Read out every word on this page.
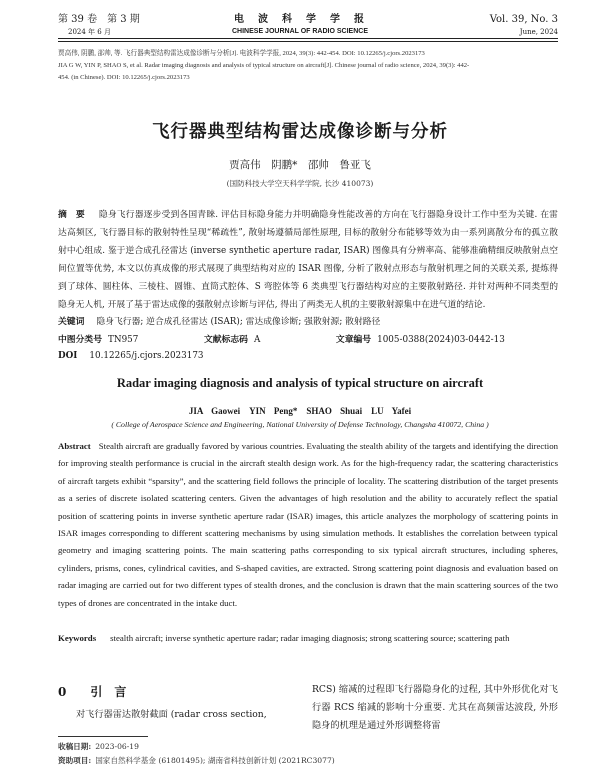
第 39 卷　第 3 期
2024 年 6 月
电　波　科　学　学　报
CHINESE JOURNAL OF RADIO SCIENCE
Vol. 39, No. 3
June, 2024

贾高伟, 阴鹏, 邵帅, 等. 飞行器典型结构雷达成像诊断与分析[J]. 电波科学学报, 2024, 39(3): 442-454. DOI: 10.12265/j.cjors.2023173

JIA G W, YIN P, SHAO S, et al. Radar imaging diagnosis and analysis of typical structure on aircraft[J]. Chinese journal of radio science, 2024, 39(3): 442-

454. (in Chinese). DOI: 10.12265/j.cjors.2023173

飞行器典型结构雷达成像诊断与分析
贾高伟　阴鹏*　邵帅　鲁亚飞
(国防科技大学空天科学学院, 长沙 410073)
摘　要 隐身飞行器逐步受到各国青睐. 评估目标隐身能力并明确隐身性能改善的方向在飞行器隐身设计工作中至为关键. 在雷达高频区, 飞行器目标的散射特性呈现“稀疏性”, 散射场遵循局部性原理, 目标的散射分布能够等效为由一系列离散分布的孤立散射中心组成. 鉴于逆合成孔径雷达 (inverse synthetic aperture radar, ISAR) 图像具有分辨率高、能够准确精细反映散射点空间位置等优势, 本文以仿真成像的形式展现了典型结构对应的 ISAR 图像, 分析了散射点形态与散射机理之间的关联关系, 提炼得到了球体、圆柱体、三棱柱、圆锥、直筒式腔体、S 弯腔体等 6 类典型飞行器结构对应的主要散射路径. 并针对两种不同类型的隐身无人机, 开展了基于雷达成像的强散射点诊断与评估, 得出了两类无人机的主要散射源集中在进气道的结论.
关键词 隐身飞行器; 逆合成孔径雷达 (ISAR); 雷达成像诊断; 强散射源; 散射路径
中图分类号 TN957	文献标志码 A	文章编号 1005-0388(2024)03-0442-13
DOI 10.12265/j.cjors.2023173
Radar imaging diagnosis and analysis of typical structure on aircraft
JIA Gaowei　YIN Peng*　SHAO Shuai　LU Yafei
( College of Aerospace Science and Engineering, National University of Defense Technology, Changsha 410072, China )
Abstract Stealth aircraft are gradually favored by various countries. Evaluating the stealth ability of the targets and identifying the direction for improving stealth performance is crucial in the aircraft stealth design work. As for the high-frequency radar, the scattering characteristics of aircraft targets exhibit “sparsity”, and the scattering field follows the principle of locality. The scattering distribution of the target presents as a series of discrete isolated scattering centers. Given the advantages of high resolution and the ability to accurately reflect the spatial position of scattering points in inverse synthetic aperture radar (ISAR) images, this article analyzes the morphology of scattering points in ISAR images corresponding to different scattering mechanisms by using simulation methods. It establishes the correlation between typical geometry and imaging scattering points. The main scattering paths corresponding to six typical aircraft structures, including spheres, cylinders, prisms, cones, cylindrical cavities, and S-shaped cavities, are extracted. Strong scattering point diagnosis and evaluation based on radar imaging are carried out for two different types of stealth drones, and the conclusion is drawn that the main scattering sources of the two types of drones are concentrated in the intake duct.
Keywords stealth aircraft; inverse synthetic aperture radar; radar imaging diagnosis; strong scattering source; scattering path
0 引　言
对飞行器雷达散射截面 (radar cross section,
RCS) 缩减的过程即飞行器隐身化的过程, 其中外形优化对飞行器 RCS 缩减的影响十分重要. 尤其在高频雷达波段, 外形隐身的机理是通过外形调整将雷
收稿日期: 2023-06-19
资助项目: 国家自然科学基金 (61801495); 湖南省科技创新计划 (2021RC3077)
